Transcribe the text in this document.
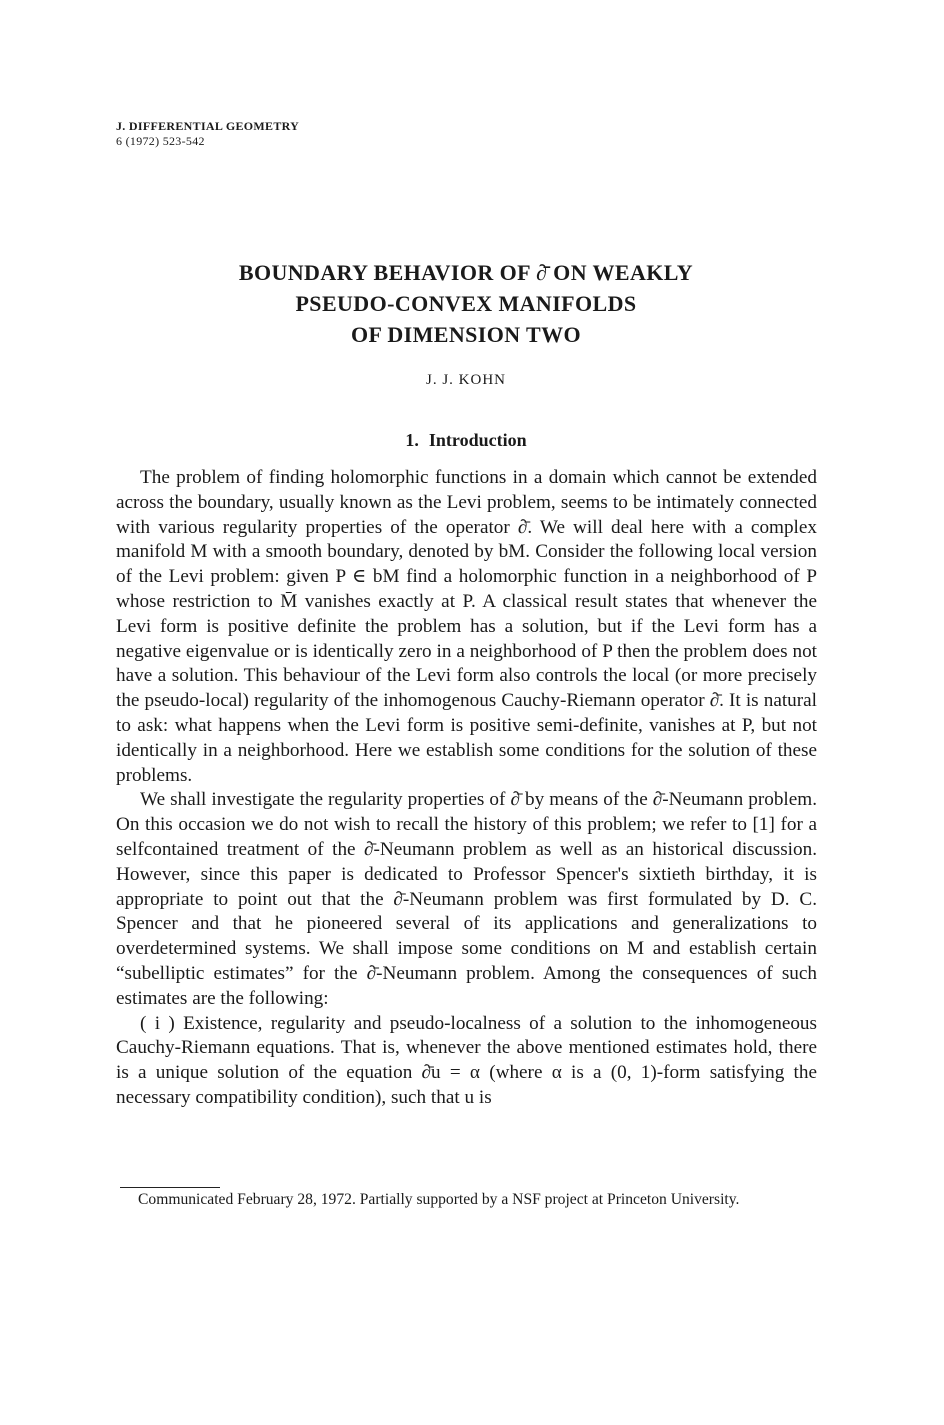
J. DIFFERENTIAL GEOMETRY
6 (1972) 523-542
BOUNDARY BEHAVIOR OF ∂̄ ON WEAKLY
PSEUDO-CONVEX MANIFOLDS
OF DIMENSION TWO
J. J. KOHN
1. Introduction

The problem of finding holomorphic functions in a domain which cannot be extended across the boundary, usually known as the Levi problem, seems to be intimately connected with various regularity properties of the operator ∂̄. We will deal here with a complex manifold M with a smooth boundary, denoted by bM. Consider the following local version of the Levi problem: given P ∈ bM find a holomorphic function in a neighborhood of P whose restriction to M̄ vanishes exactly at P. A classical result states that whenever the Levi form is positive definite the problem has a solution, but if the Levi form has a negative eigenvalue or is identically zero in a neighborhood of P then the problem does not have a solution. This behaviour of the Levi form also controls the local (or more precisely the pseudo-local) regularity of the inhomogenous Cauchy-Riemann operator ∂̄. It is natural to ask: what happens when the Levi form is positive semi-definite, vanishes at P, but not identically in a neighborhood. Here we establish some conditions for the solution of these problems.

We shall investigate the regularity properties of ∂̄ by means of the ∂̄-Neumann problem. On this occasion we do not wish to recall the history of this problem; we refer to [1] for a selfcontained treatment of the ∂̄-Neumann problem as well as an historical discussion. However, since this paper is dedicated to Professor Spencer's sixtieth birthday, it is appropriate to point out that the ∂̄-Neumann problem was first formulated by D. C. Spencer and that he pioneered several of its applications and generalizations to overdetermined systems. We shall impose some conditions on M and establish certain “subelliptic estimates” for the ∂̄-Neumann problem. Among the consequences of such estimates are the following:

( i ) Existence, regularity and pseudo-localness of a solution to the inhomogeneous Cauchy-Riemann equations. That is, whenever the above mentioned estimates hold, there is a unique solution of the equation ∂̄u = α (where α is a (0, 1)-form satisfying the necessary compatibility condition), such that u is

Communicated February 28, 1972. Partially supported by a NSF project at Princeton University.
